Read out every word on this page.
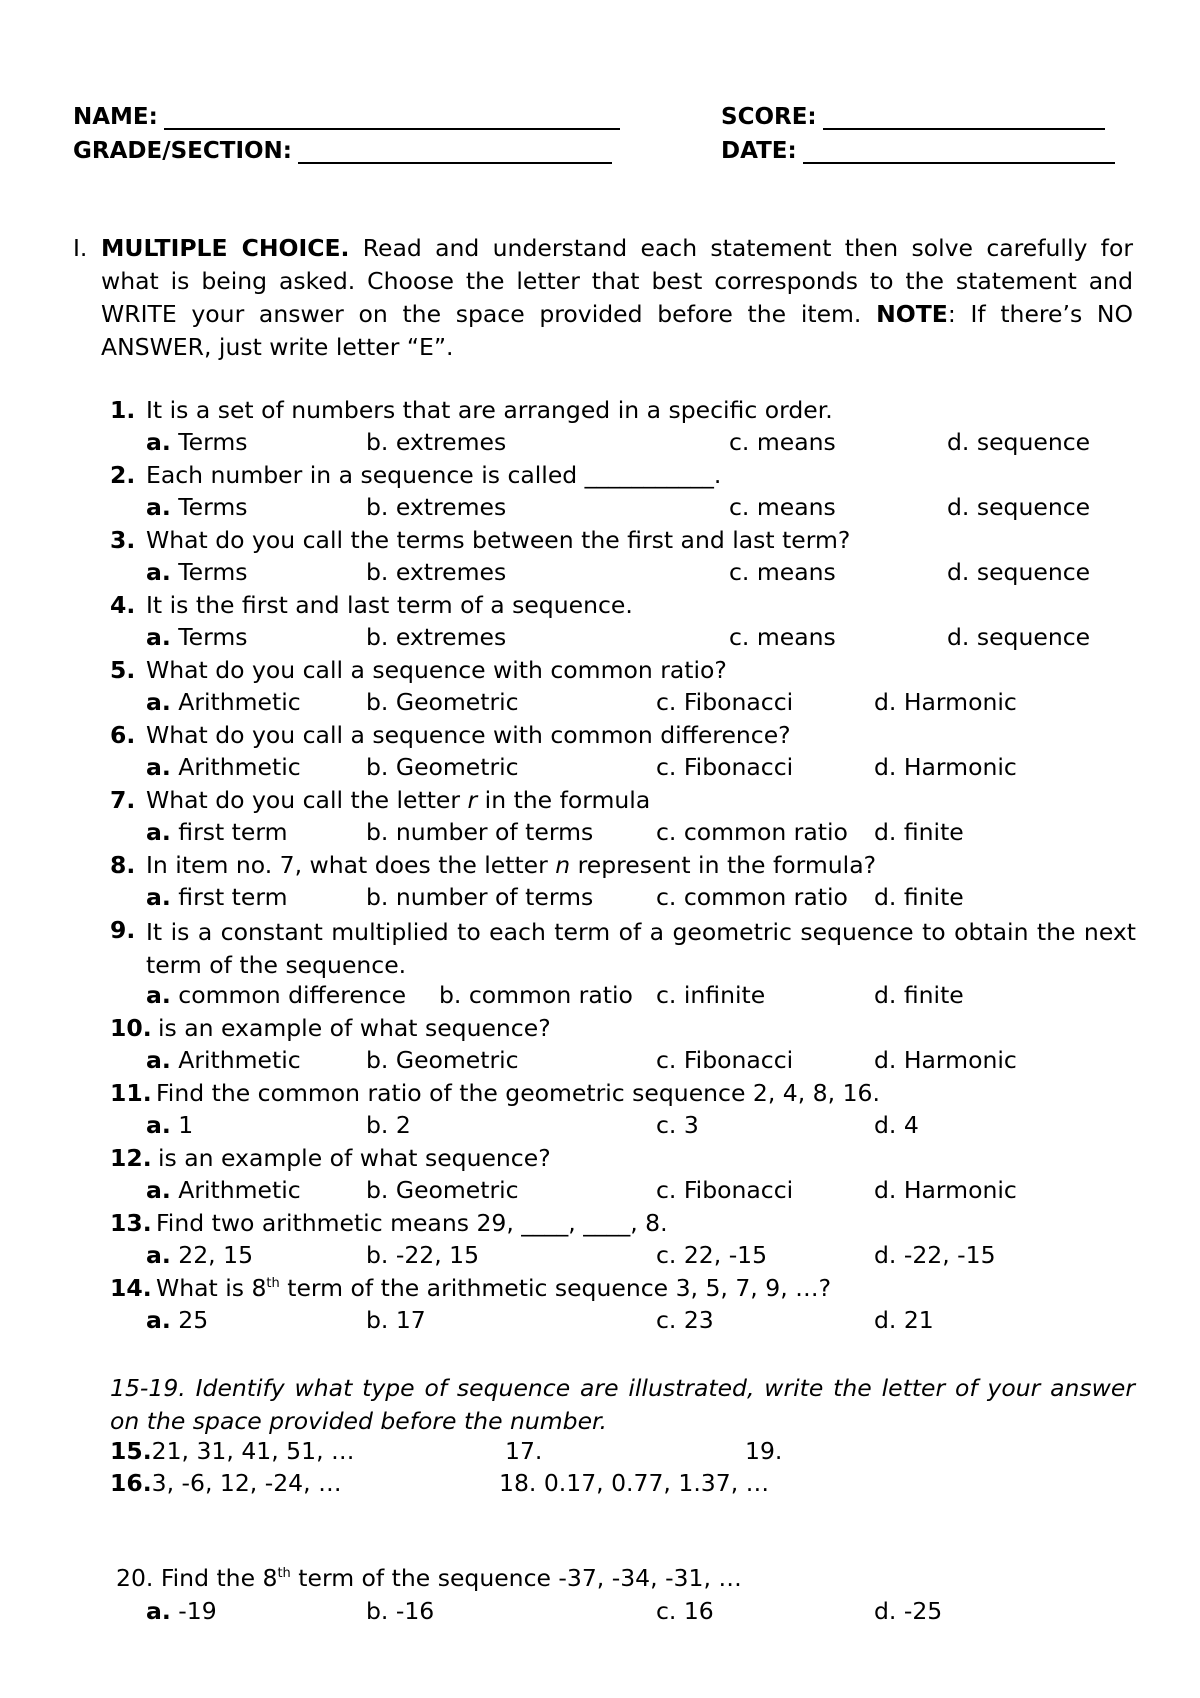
NAME:	SCORE:
GRADE/SECTION:	DATE:
I. MULTIPLE CHOICE. Read and understand each statement then solve carefully for what is being asked. Choose the letter that best corresponds to the statement and WRITE your answer on the space provided before the item. NOTE: If there’s NO ANSWER, just write letter “E”.
1. It is a set of numbers that are arranged in a specific order.
a. Terms	b. extremes	c. means	d. sequence
2. Each number in a sequence is called ___________.
a. Terms	b. extremes	c. means	d. sequence
3. What do you call the terms between the first and last term?
a. Terms	b. extremes	c. means	d. sequence
4. It is the first and last term of a sequence.
a. Terms	b. extremes	c. means	d. sequence
5. What do you call a sequence with common ratio?
a. Arithmetic	b. Geometric	c. Fibonacci	d. Harmonic
6. What do you call a sequence with common difference?
a. Arithmetic	b. Geometric	c. Fibonacci	d. Harmonic
7. What do you call the letter r in the formula
a. first term	b. number of terms	c. common ratio d. finite
8. In item no. 7, what does the letter n represent in the formula?
a. first term	b. number of terms	c. common ratio d. finite
9. It is a constant multiplied to each term of a geometric sequence to obtain the next term of the sequence.
a. common difference b. common ratio c. infinite	d. finite
10. is an example of what sequence?
a. Arithmetic	b. Geometric	c. Fibonacci	d. Harmonic
11. Find the common ratio of the geometric sequence 2, 4, 8, 16.
a. 1	b. 2	c. 3	d. 4
12. is an example of what sequence?
a. Arithmetic	b. Geometric	c. Fibonacci	d. Harmonic
13. Find two arithmetic means 29, ____, ____, 8.
a. 22, 15	b. -22, 15	c. 22, -15	d. -22, -15
14. What is 8th term of the arithmetic sequence 3, 5, 7, 9, …?
a. 25	b. 17	c. 23	d. 21
15-19. Identify what type of sequence are illustrated, write the letter of your answer on the space provided before the number.
15.21, 31, 41, 51, …	17.	19.
16.3, -6, 12, -24, …	18. 0.17, 0.77, 1.37, …
20. Find the 8th term of the sequence -37, -34, -31, …
a. -19	b. -16	c. 16	d. -25
